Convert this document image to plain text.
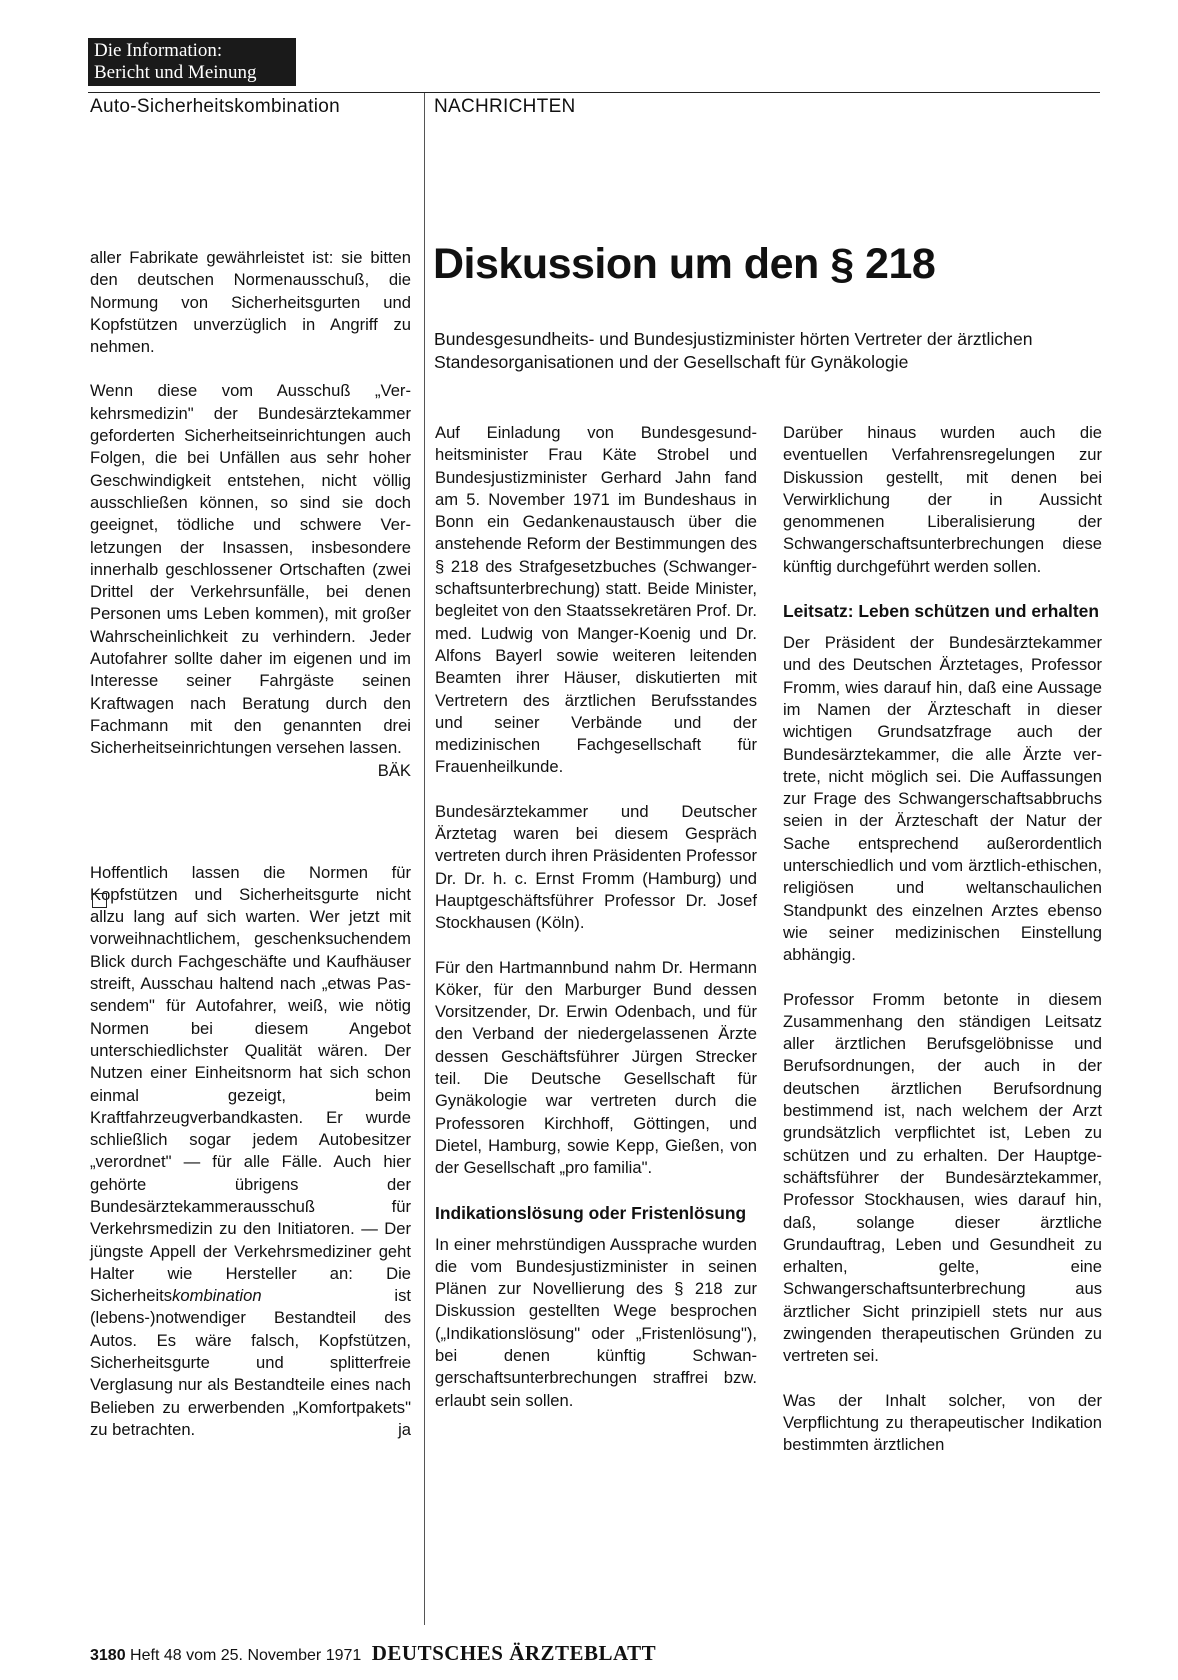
Die Information:
Bericht und Meinung
Auto-Sicherheitskombination	NACHRICHTEN

aller Fabrikate gewährleistet ist: sie bitten den deutschen Normenausschuß, die Normung von Sicherheitsgurten und Kopfstützen unverzüglich in Angriff zu nehmen.

Wenn diese vom Ausschuß „Verkehrsmedizin" der Bundesärztekammer geforderten Sicherheitseinrichtungen auch Folgen, die bei Unfällen aus sehr hoher Geschwindigkeit entstehen, nicht völlig ausschließen können, so sind sie doch geeignet, tödliche und schwere Verletzungen der Insassen, insbesondere innerhalb geschlossener Ortschaften (zwei Drittel der Verkehrsunfälle, bei denen Personen ums Leben kommen), mit großer Wahrscheinlichkeit zu verhindern. Jeder Autofahrer sollte daher im eigenen und im Interesse seiner Fahrgäste seinen Kraftwagen nach Beratung durch den Fachmann mit den genannten drei Sicherheitseinrichtungen versehen lassen.
BÄK

Hoffentlich lassen die Normen für Kopfstützen und Sicherheitsgurte nicht allzu lang auf sich warten. Wer jetzt mit vorweihnachtlichem, geschenksuchendem Blick durch Fachgeschäfte und Kaufhäuser streift, Ausschau haltend nach „etwas Passendem" für Autofahrer, weiß, wie nötig Normen bei diesem Angebot unterschiedlichster Qualität wären. Der Nutzen einer Einheitsnorm hat sich schon einmal gezeigt, beim Kraftfahrzeugverbandkasten. Er wurde schließlich sogar jedem Autobesitzer „verordnet" — für alle Fälle. Auch hier gehörte übrigens der Bundesärztekammerausschuß für Verkehrsmedizin zu den Initiatoren. — Der jüngste Appell der Verkehrsmediziner geht Halter wie Hersteller an: Die Sicherheitskombination ist (lebens-)notwendiger Bestandteil des Autos. Es wäre falsch, Kopfstützen, Sicherheitsgurte und splitterfreie Verglasung nur als Bestandteile eines nach Belieben zu erwerbenden „Komfortpakets" zu betrachten.	ja

Diskussion um den § 218
Bundesgesundheits- und Bundesjustizminister hörten Vertreter der ärztlichen Standesorganisationen und der Gesellschaft für Gynäkologie

Auf Einladung von Bundesgesundheitsminister Frau Käte Strobel und Bundesjustizminister Gerhard Jahn fand am 5. November 1971 im Bundeshaus in Bonn ein Gedankenaustausch über die anstehende Reform der Bestimmungen des § 218 des Strafgesetzbuches (Schwangerschaftsunterbrechung) statt. Beide Minister, begleitet von den Staatssekretären Prof. Dr. med. Ludwig von Manger-Koenig und Dr. Alfons Bayerl sowie weiteren leitenden Beamten ihrer Häuser, diskutierten mit Vertretern des ärztlichen Berufsstandes und seiner Verbände und der medizinischen Fachgesellschaft für Frauenheilkunde.

Bundesärztekammer und Deutscher Ärztetag waren bei diesem Gespräch vertreten durch ihren Präsidenten Professor Dr. Dr. h. c. Ernst Fromm (Hamburg) und Hauptgeschäftsführer Professor Dr. Josef Stockhausen (Köln).

Für den Hartmannbund nahm Dr. Hermann Köker, für den Marburger Bund dessen Vorsitzender, Dr. Erwin Odenbach, und für den Verband der niedergelassenen Ärzte dessen Geschäftsführer Jürgen Strecker teil. Die Deutsche Gesellschaft für Gynäkologie war vertreten durch die Professoren Kirchhoff, Göttingen, und Dietel, Hamburg, sowie Kepp, Gießen, von der Gesellschaft „pro familia".

Indikationslösung oder Fristenlösung

In einer mehrstündigen Aussprache wurden die vom Bundesjustizminister in seinen Plänen zur Novellierung des § 218 zur Diskussion gestellten Wege besprochen („Indikationslösung" oder „Fristenlösung"), bei denen künftig Schwangerschaftsunterbrechungen straffrei bzw. erlaubt sein sollen.

Darüber hinaus wurden auch die eventuellen Verfahrensregelungen zur Diskussion gestellt, mit denen bei Verwirklichung der in Aussicht genommenen Liberalisierung der Schwangerschaftsunterbrechungen diese künftig durchgeführt werden sollen.

Leitsatz: Leben schützen und erhalten

Der Präsident der Bundesärztekammer und des Deutschen Ärztetages, Professor Fromm, wies darauf hin, daß eine Aussage im Namen der Ärzteschaft in dieser wichtigen Grundsatzfrage auch der Bundesärztekammer, die alle Ärzte vertrete, nicht möglich sei. Die Auffassungen zur Frage des Schwangerschaftsabbruchs seien in der Ärzteschaft der Natur der Sache entsprechend außerordentlich unterschiedlich und vom ärztlich-ethischen, religiösen und weltanschaulichen Standpunkt des einzelnen Arztes ebenso wie seiner medizinischen Einstellung abhängig.

Professor Fromm betonte in diesem Zusammenhang den ständigen Leitsatz aller ärztlichen Berufsgelöbnisse und Berufsordnungen, der auch in der deutschen ärztlichen Berufsordnung bestimmend ist, nach welchem der Arzt grundsätzlich verpflichtet ist, Leben zu schützen und zu erhalten. Der Hauptgeschäftsführer der Bundesärztekammer, Professor Stockhausen, wies darauf hin, daß, solange dieser ärztliche Grundauftrag, Leben und Gesundheit zu erhalten, gelte, eine Schwangerschaftsunterbrechung aus ärztlicher Sicht prinzipiell stets nur aus zwingenden therapeutischen Gründen zu vertreten sei.

Was der Inhalt solcher, von der Verpflichtung zu therapeutischer Indikation bestimmten ärztlichen

3180 Heft 48 vom 25. November 1971 DEUTSCHES ÄRZTEBLATT
